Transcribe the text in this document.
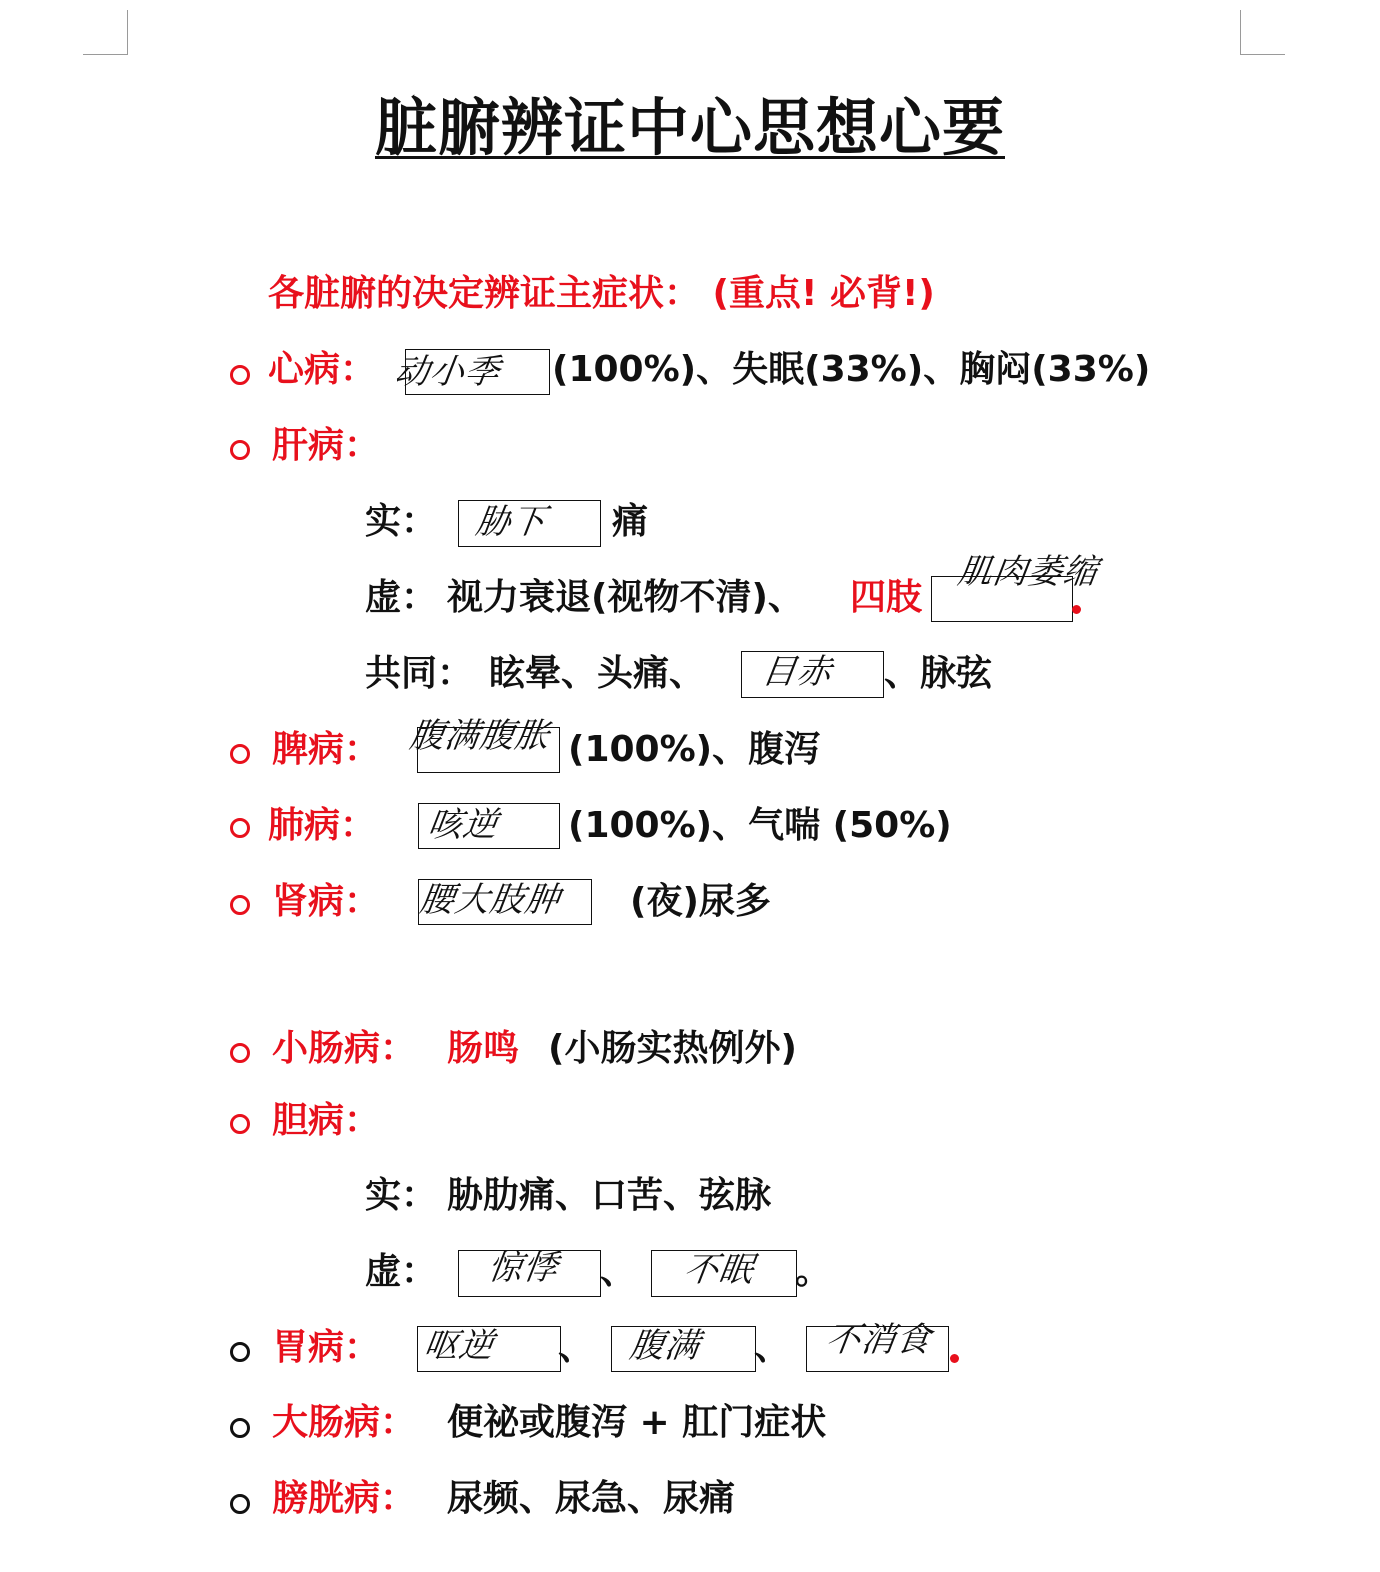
脏腑辨证中心思想心要
各脏腑的决定辨证主症状： (重点! 必背!)
心病： 动小季 (100%)、失眠(33%)、胸闷(33%)
肝病：
实： 胁下 痛
虚： 视力衰退(视物不清)、 四肢
肌肉萎缩
共同： 眩晕、头痛、 目赤 、脉弦
脾病： 腹满腹胀 (100%)、腹泻
肺病： 咳逆 (100%)、气喘 (50%)
肾病： 腰大肢肿 (夜)尿多
小肠病： 肠鸣 (小肠实热例外)
胆病：
实： 胁肋痛、口苦、弦脉
虚： 惊悸 、 不眠 。
胃病： 呕逆 、 腹满 、 不消食
大肠病： 便祕或腹泻 + 肛门症状
膀胱病： 尿频、尿急、尿痛
